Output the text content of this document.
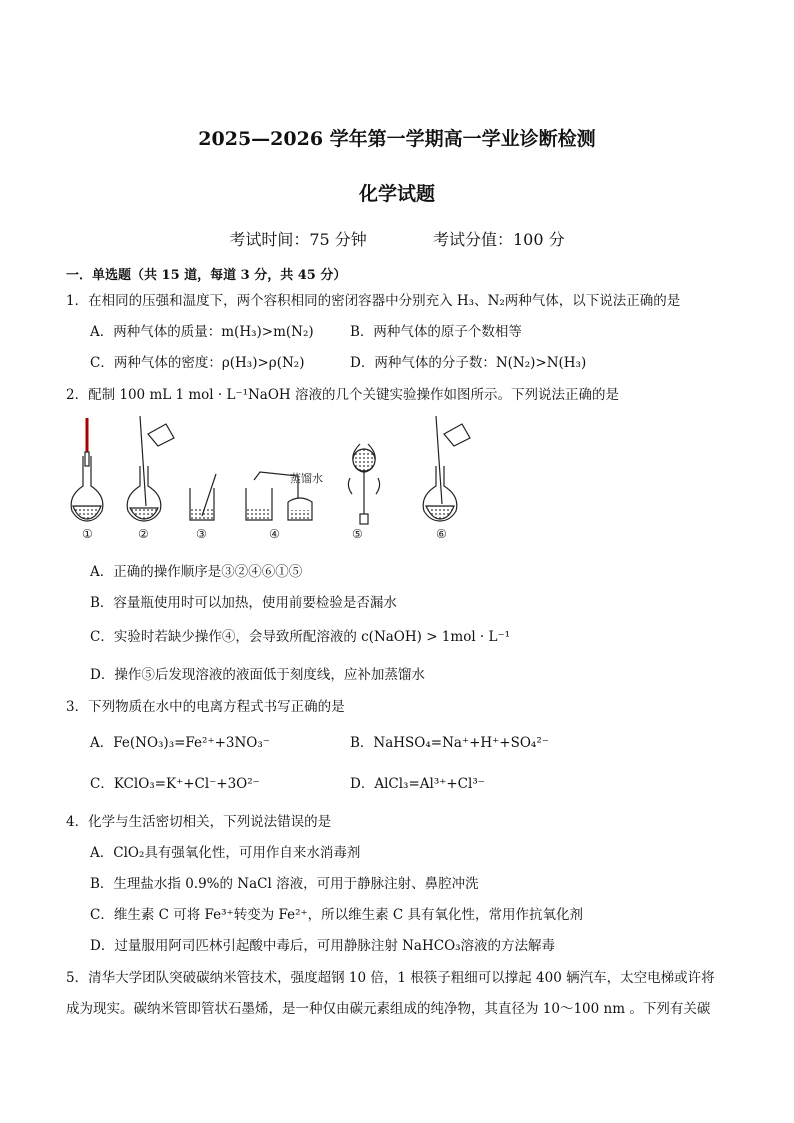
2025—2026 学年第一学期高一学业诊断检测
化学试题
考试时间：75 分钟	考试分值：100 分
一．单选题（共 15 道，每道 3 分，共 45 分）
1．在相同的压强和温度下，两个容积相同的密闭容器中分别充入 H₃、N₂两种气体，以下说法正确的是
A．两种气体的质量：m(H₃)>m(N₂)	B．两种气体的原子个数相等
C．两种气体的密度：ρ(H₃)>ρ(N₂)	D．两种气体的分子数：N(N₂)>N(H₃)
2．配制 100 mL 1 mol · L⁻¹NaOH 溶液的几个关键实验操作如图所示。下列说法正确的是
蒸馏水
①	②	③	④	⑤	⑥
A．正确的操作顺序是③②④⑥①⑤
B．容量瓶使用时可以加热，使用前要检验是否漏水
C．实验时若缺少操作④，会导致所配溶液的 c(NaOH) > 1mol · L⁻¹
D．操作⑤后发现溶液的液面低于刻度线，应补加蒸馏水
3．下列物质在水中的电离方程式书写正确的是
A．Fe(NO₃)₃=Fe²⁺+3NO₃⁻	B．NaHSO₄=Na⁺+H⁺+SO₄²⁻
C．KClO₃=K⁺+Cl⁻+3O²⁻	D．AlCl₃=Al³⁺+Cl³⁻
4．化学与生活密切相关，下列说法错误的是
A．ClO₂具有强氧化性，可用作自来水消毒剂
B．生理盐水指 0.9%的 NaCl 溶液，可用于静脉注射、鼻腔冲洗
C．维生素 C 可将 Fe³⁺转变为 Fe²⁺，所以维生素 C 具有氧化性，常用作抗氧化剂
D．过量服用阿司匹林引起酸中毒后，可用静脉注射 NaHCO₃溶液的方法解毒
5．清华大学团队突破碳纳米管技术，强度超钢 10 倍，1 根筷子粗细可以撑起 400 辆汽车，太空电梯或许将
成为现实。碳纳米管即管状石墨烯，是一种仅由碳元素组成的纯净物，其直径为 10～100 nm 。下列有关碳
